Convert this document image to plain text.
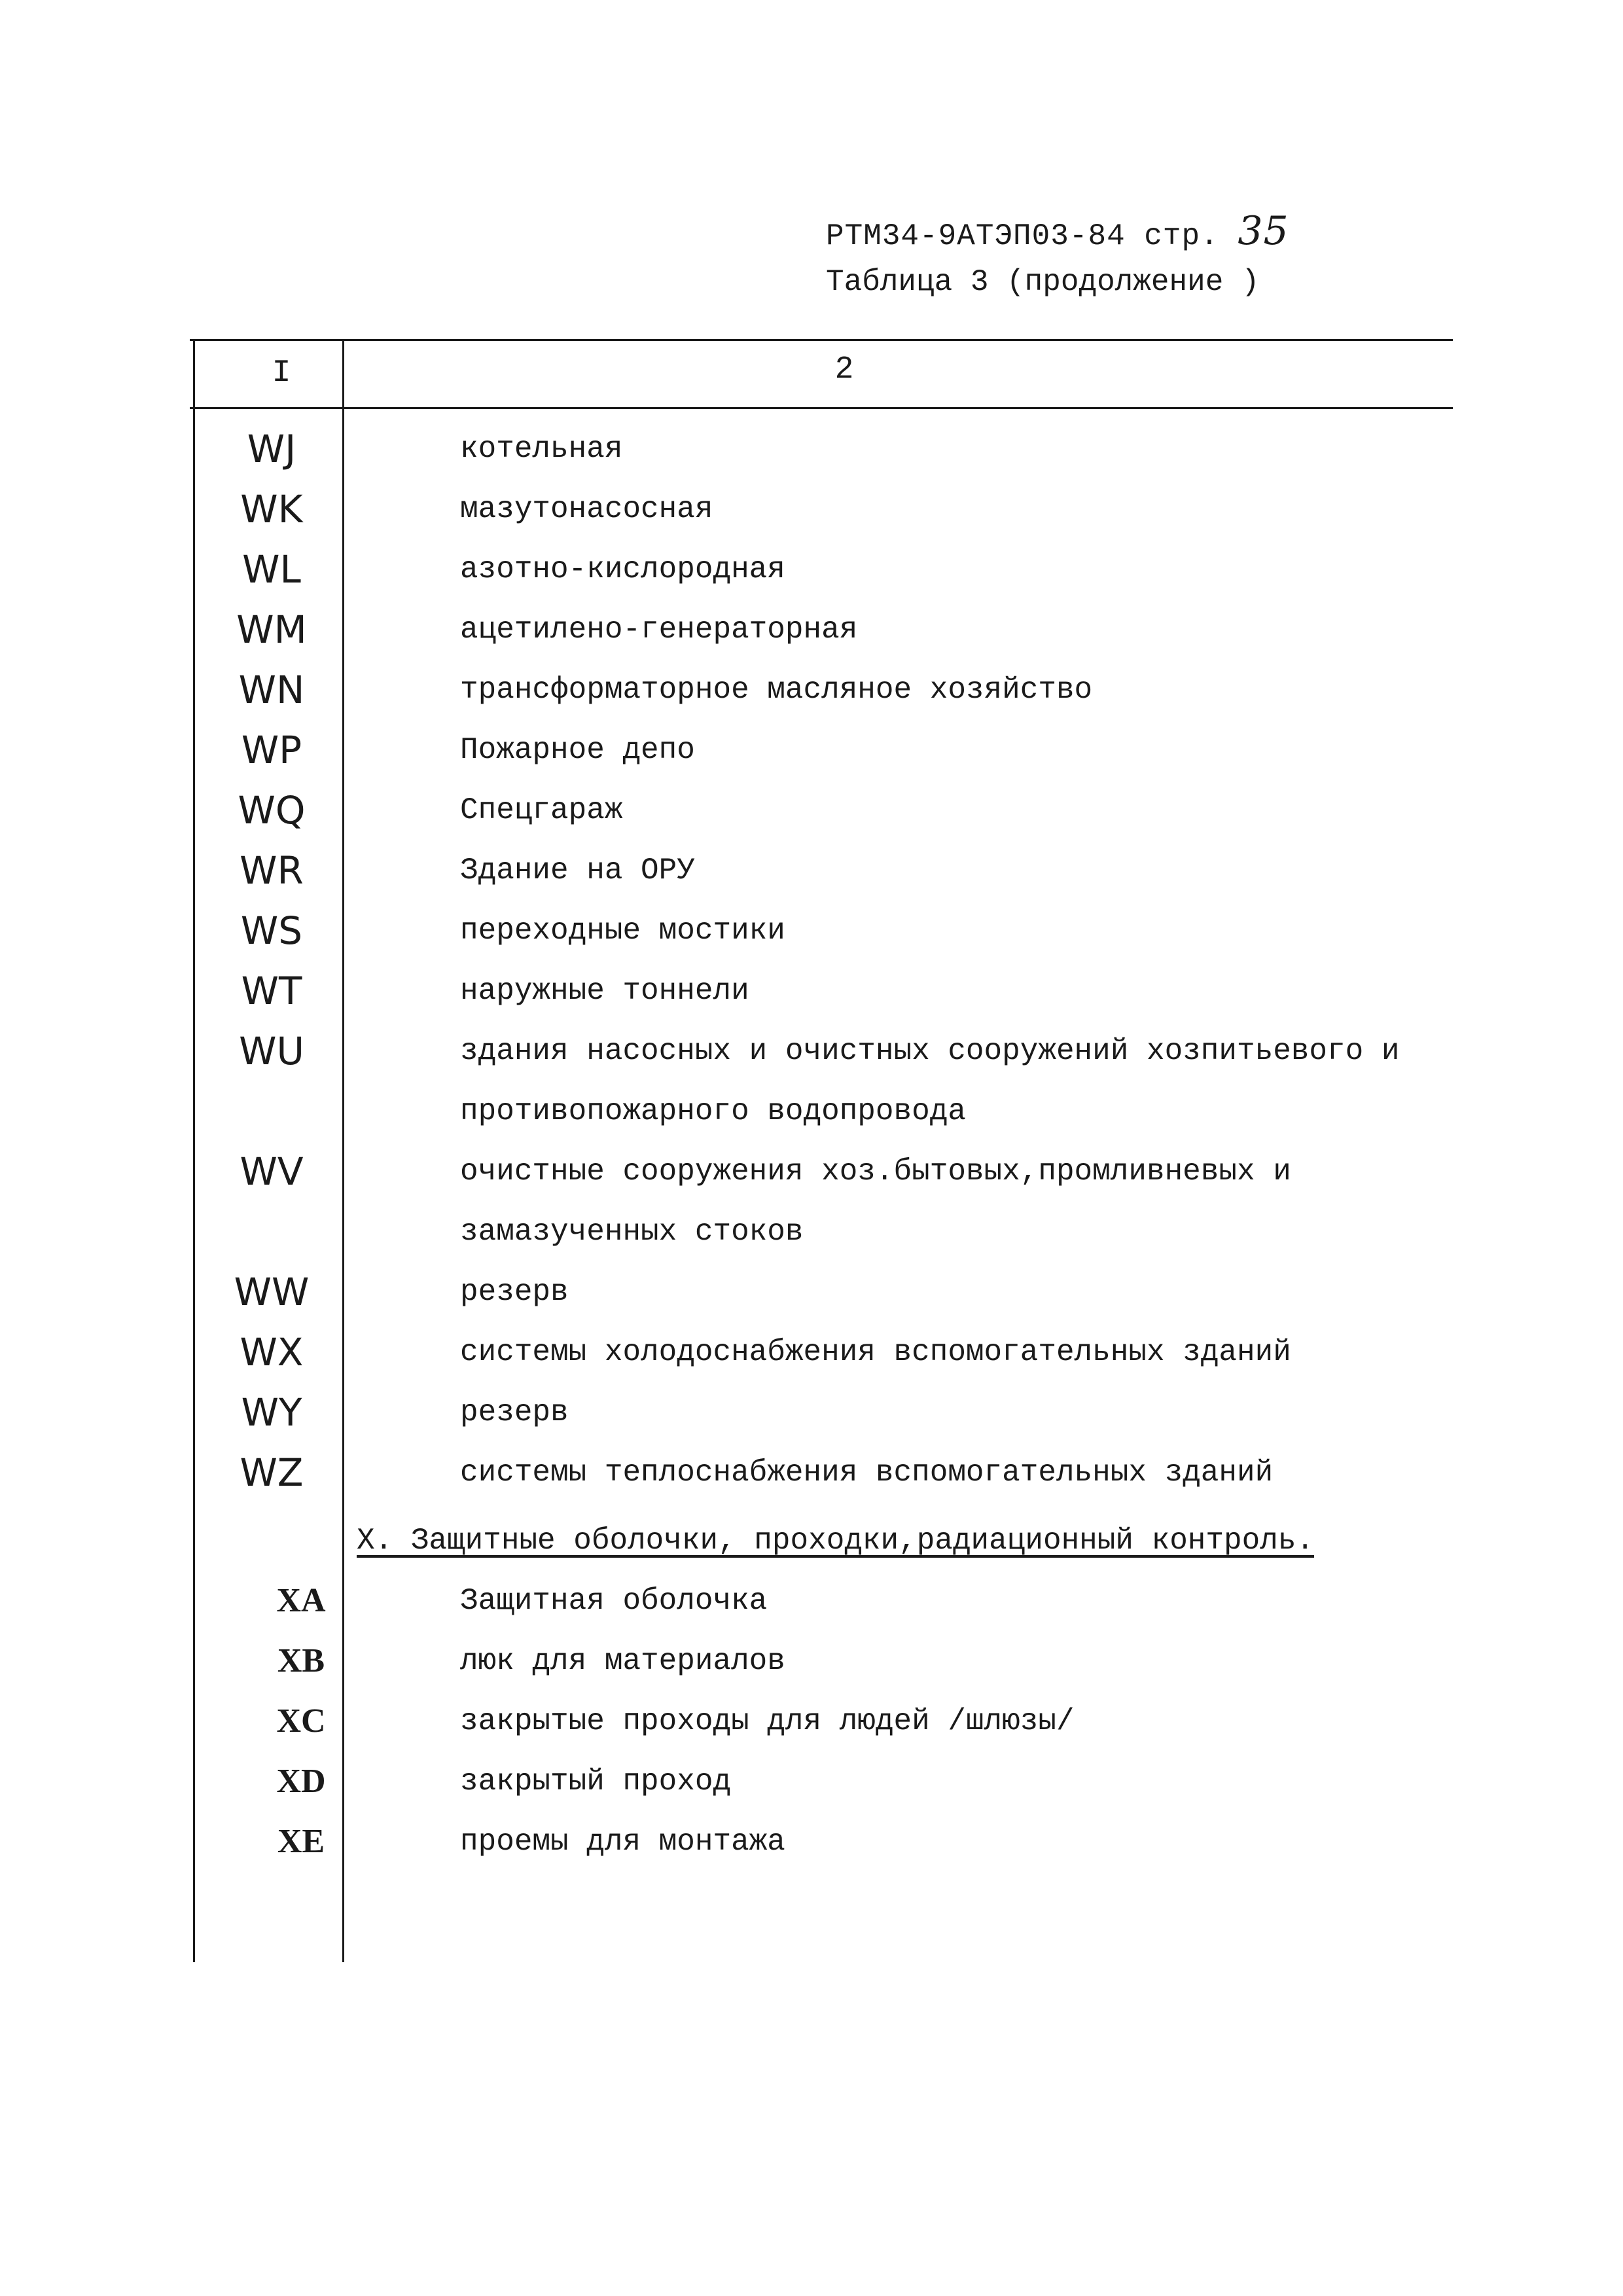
РТМ34-9АТЭП03-84 стр. 35
Таблица 3 (продолжение )
I	2
WJ	котельная
WK	мазутонасосная
WL	азотно-кислородная
WM	ацетилено-генераторная
WN	трансформаторное масляное хозяйство
WP	Пожарное депо
WQ	Спецгараж
WR	Здание на ОРУ
WS	переходные мостики
WT	наружные тоннели
WU	здания насосных и очистных сооружений хозпитьевого и
противопожарного водопровода
WV	очистные сооружения хоз.бытовых,промливневых и
замазученных стоков
WW	резерв
WX	системы холодоснабжения вспомогательных зданий
WY	резерв
WZ	системы теплоснабжения вспомогательных зданий
X. Защитные оболочки, проходки,радиационный контроль.
XA	Защитная оболочка
XB	люк для материалов
XC	закрытые проходы для людей /шлюзы/
XD	закрытый проход
XE	проемы для монтажа
